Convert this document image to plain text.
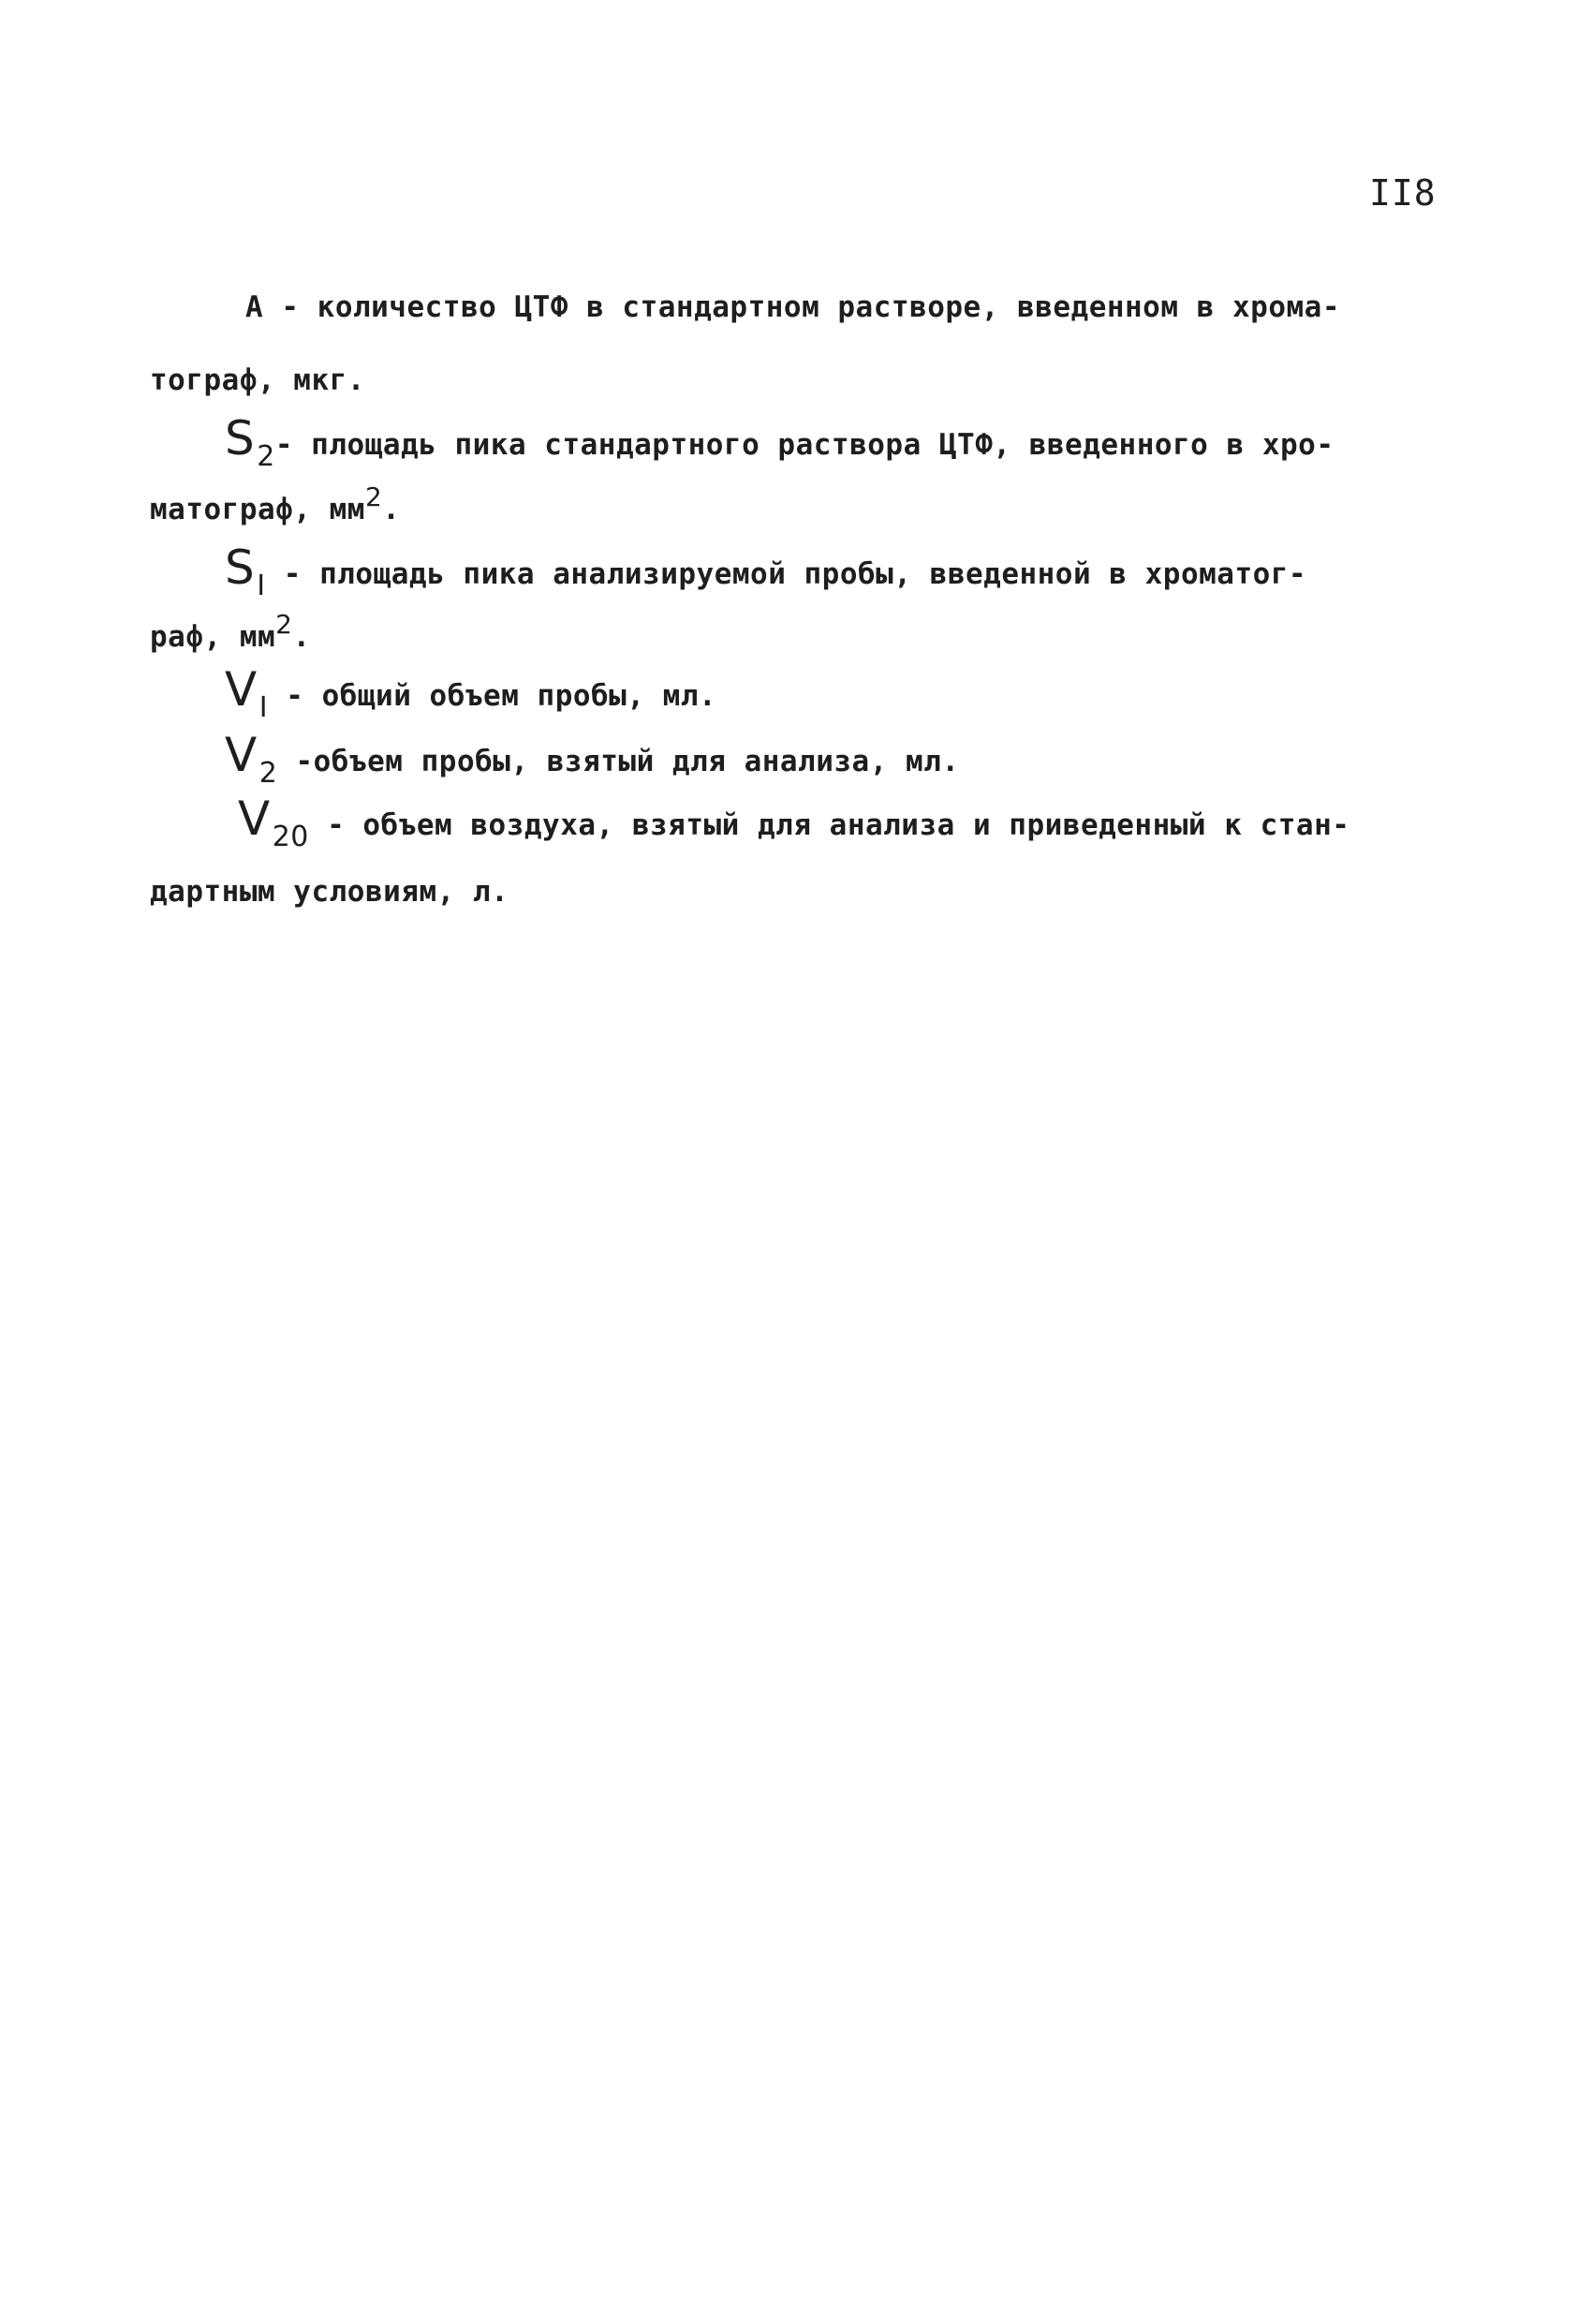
II8
А - количество ЦТФ в стандартном растворе, введенном в хрома-
тограф, мкг.
S2- площадь пика стандартного раствора ЦТФ, введенного в хро-
матограф, мм2.
SI - площадь пика анализируемой пробы, введенной в хроматог-
раф, мм2.
VI - общий объем пробы, мл.
V2 -объем пробы, взятый для анализа, мл.
V20 - объем воздуха, взятый для анализа и приведенный к стан-
дартным условиям, л.
